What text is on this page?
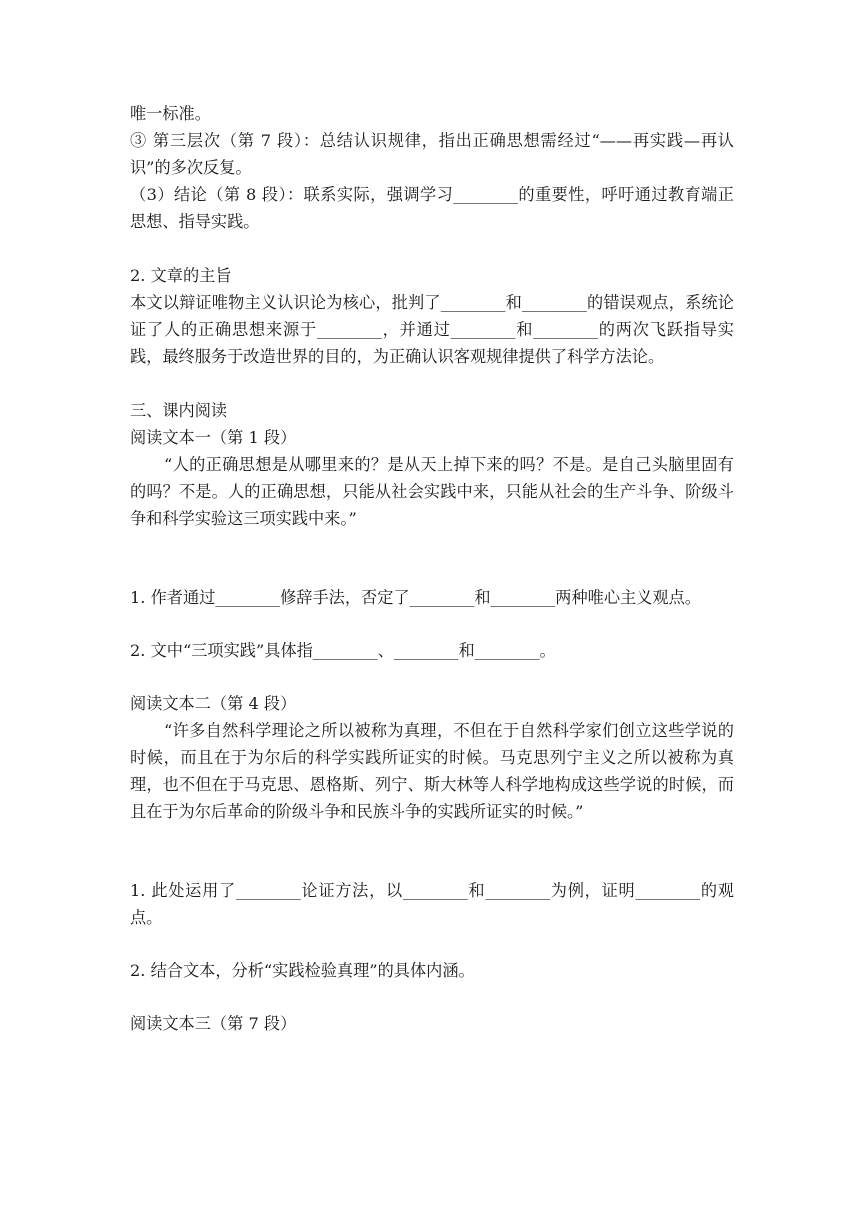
唯一标准。

③ 第三层次（第 7 段）：总结认识规律，指出正确思想需经过“——再实践—再认识”的多次反复。

（3）结论（第 8 段）：联系实际，强调学习________的重要性，呼吁通过教育端正思想、指导实践。

2. 文章的主旨

本文以辩证唯物主义认识论为核心，批判了________和________的错误观点，系统论证了人的正确思想来源于________，并通过________和________的两次飞跃指导实践，最终服务于改造世界的目的，为正确认识客观规律提供了科学方法论。

三、课内阅读

阅读文本一（第 1 段）

“人的正确思想是从哪里来的？是从天上掉下来的吗？不是。是自己头脑里固有的吗？不是。人的正确思想，只能从社会实践中来，只能从社会的生产斗争、阶级斗争和科学实验这三项实践中来。”

1. 作者通过________修辞手法，否定了________和________两种唯心主义观点。

2. 文中“三项实践”具体指________、________和________。

阅读文本二（第 4 段）

“许多自然科学理论之所以被称为真理，不但在于自然科学家们创立这些学说的时候，而且在于为尔后的科学实践所证实的时候。马克思列宁主义之所以被称为真理，也不但在于马克思、恩格斯、列宁、斯大林等人科学地构成这些学说的时候，而且在于为尔后革命的阶级斗争和民族斗争的实践所证实的时候。”

1. 此处运用了________论证方法，以________和________为例，证明________的观点。

2. 结合文本，分析“实践检验真理”的具体内涵。

阅读文本三（第 7 段）
